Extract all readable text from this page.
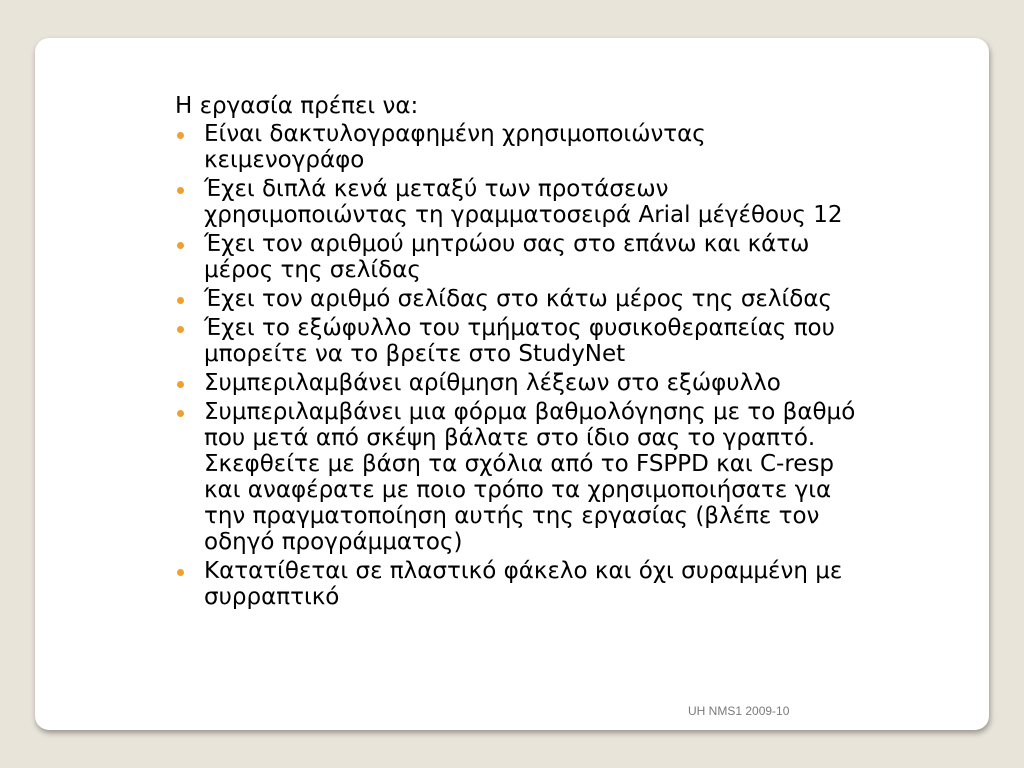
Η εργασία πρέπει να:
Είναι δακτυλογραφημένη χρησιμοποιώντας
κειμενογράφο
Έχει διπλά κενά μεταξύ των προτάσεων
χρησιμοποιώντας τη γραμματοσειρά Arial μέγέθους 12
Έχει τον αριθμού μητρώου σας στο επάνω και κάτω
μέρος της σελίδας
Έχει τον αριθμό σελίδας στο κάτω μέρος της σελίδας
Έχει το εξώφυλλο του τμήματος φυσικοθεραπείας που
μπορείτε να το βρείτε στο StudyNet
Συμπεριλαμβάνει αρίθμηση λέξεων στο εξώφυλλο
Συμπεριλαμβάνει μια φόρμα βαθμολόγησης με το βαθμό
που μετά από σκέψη βάλατε στο ίδιο σας το γραπτό.
Σκεφθείτε με βάση τα σχόλια από το FSPPD και C-resp
και αναφέρατε με ποιο τρόπο τα χρησιμοποιήσατε για
την πραγματοποίηση αυτής της εργασίας (βλέπε τον
οδηγό προγράμματος)
Κατατίθεται σε πλαστικό φάκελο και όχι συραμμένη με
συρραπτικό
UH NMS1 2009-10
